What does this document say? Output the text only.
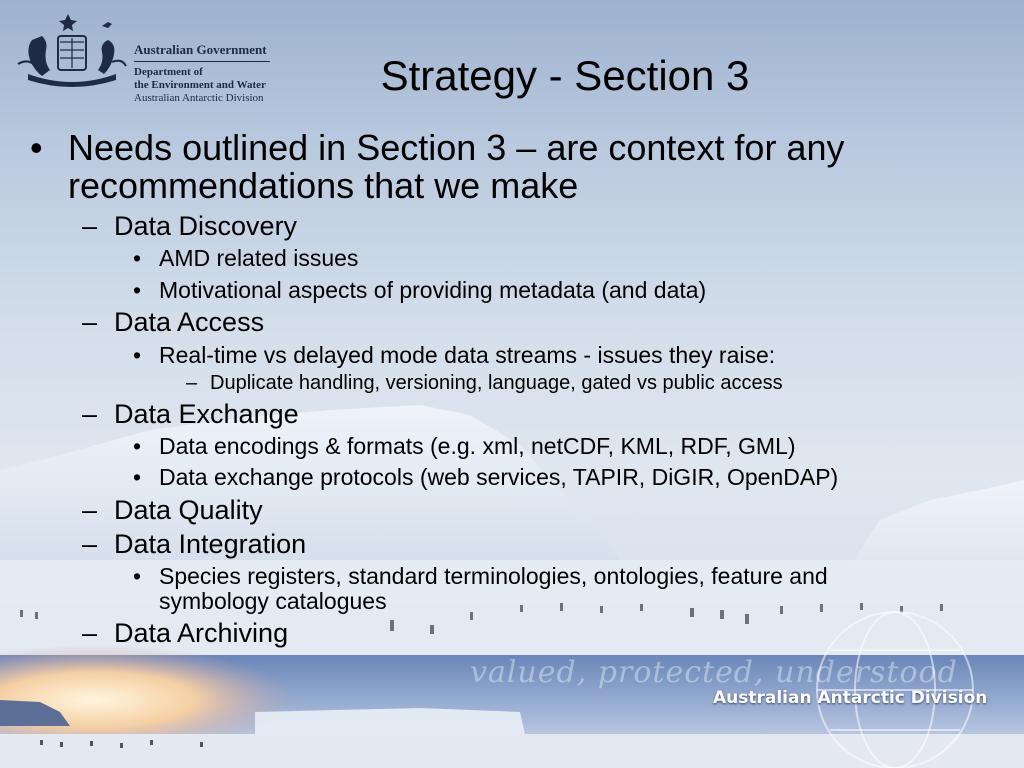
Australian Government
Department of
the Environment and Water
Australian Antarctic Division	Strategy - Section 3
• Needs outlined in Section 3 – are context for any
recommendations that we make
– Data Discovery
• AMD related issues
• Motivational aspects of providing metadata (and data)
– Data Access
• Real-time vs delayed mode data streams - issues they raise:
– Duplicate handling, versioning, language, gated vs public access
– Data Exchange
• Data encodings & formats (e.g. xml, netCDF, KML, RDF, GML)
• Data exchange protocols (web services, TAPIR, DiGIR, OpenDAP)
– Data Quality
– Data Integration
• Species registers, standard terminologies, ontologies, feature and
symbology catalogues
– Data Archiving
valued, protected, understood
Australian Antarctic Division
